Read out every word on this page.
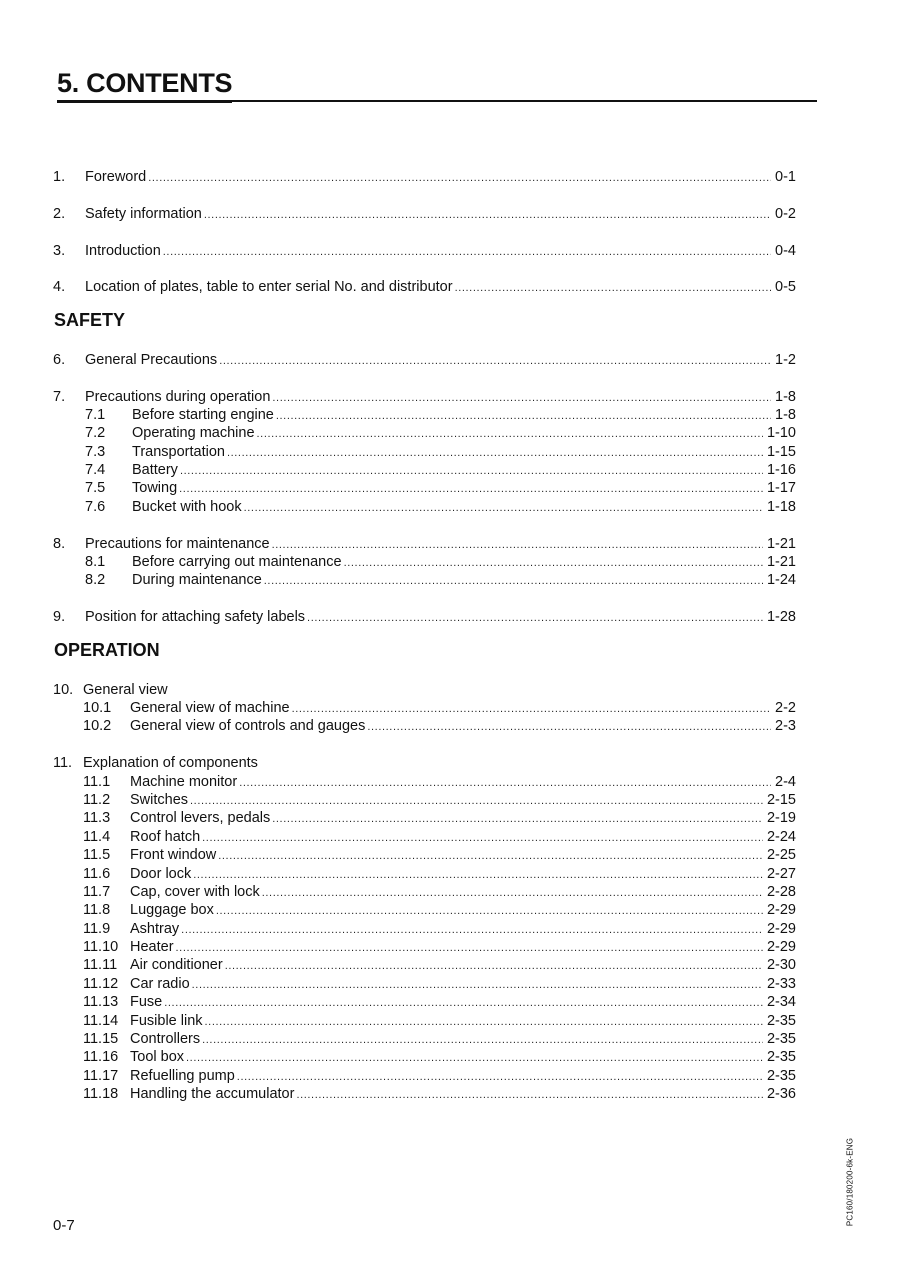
5. CONTENTS
1.	Foreword .....	0-1
2.	Safety information .....	0-2
3.	Introduction .....	0-4
4.	Location of plates, table to enter serial No. and distributor .....	0-5
SAFETY
6.	General Precautions .....	1-2
7.	Precautions during operation .....	1-8
7.1	Before starting engine .....	1-8
7.2	Operating machine .....	1-10
7.3	Transportation .....	1-15
7.4	Battery .....	1-16
7.5	Towing .....	1-17
7.6	Bucket with hook .....	1-18
8.	Precautions for maintenance .....	1-21
8.1	Before carrying out maintenance .....	1-21
8.2	During maintenance .....	1-24
9.	Position for attaching safety labels .....	1-28
OPERATION
10. General view
10.1	General view of machine .....	2-2
10.2	General view of controls and gauges .....	2-3
11. Explanation of components
11.1	Machine monitor .....	2-4
11.2	Switches .....	2-15
11.3	Control levers, pedals .....	2-19
11.4	Roof hatch .....	2-24
11.5	Front window .....	2-25
11.6	Door lock .....	2-27
11.7	Cap, cover with lock .....	2-28
11.8	Luggage box .....	2-29
11.9	Ashtray .....	2-29
11.10 Heater .....	2-29
11.11 Air conditioner .....	2-30
11.12 Car radio .....	2-33
11.13 Fuse .....	2-34
11.14 Fusible link .....	2-35
11.15 Controllers .....	2-35
11.16 Tool box .....	2-35
11.17 Refuelling pump .....	2-35
11.18 Handling the accumulator .....	2-36
0-7	PC160/180200-6k-ENG
